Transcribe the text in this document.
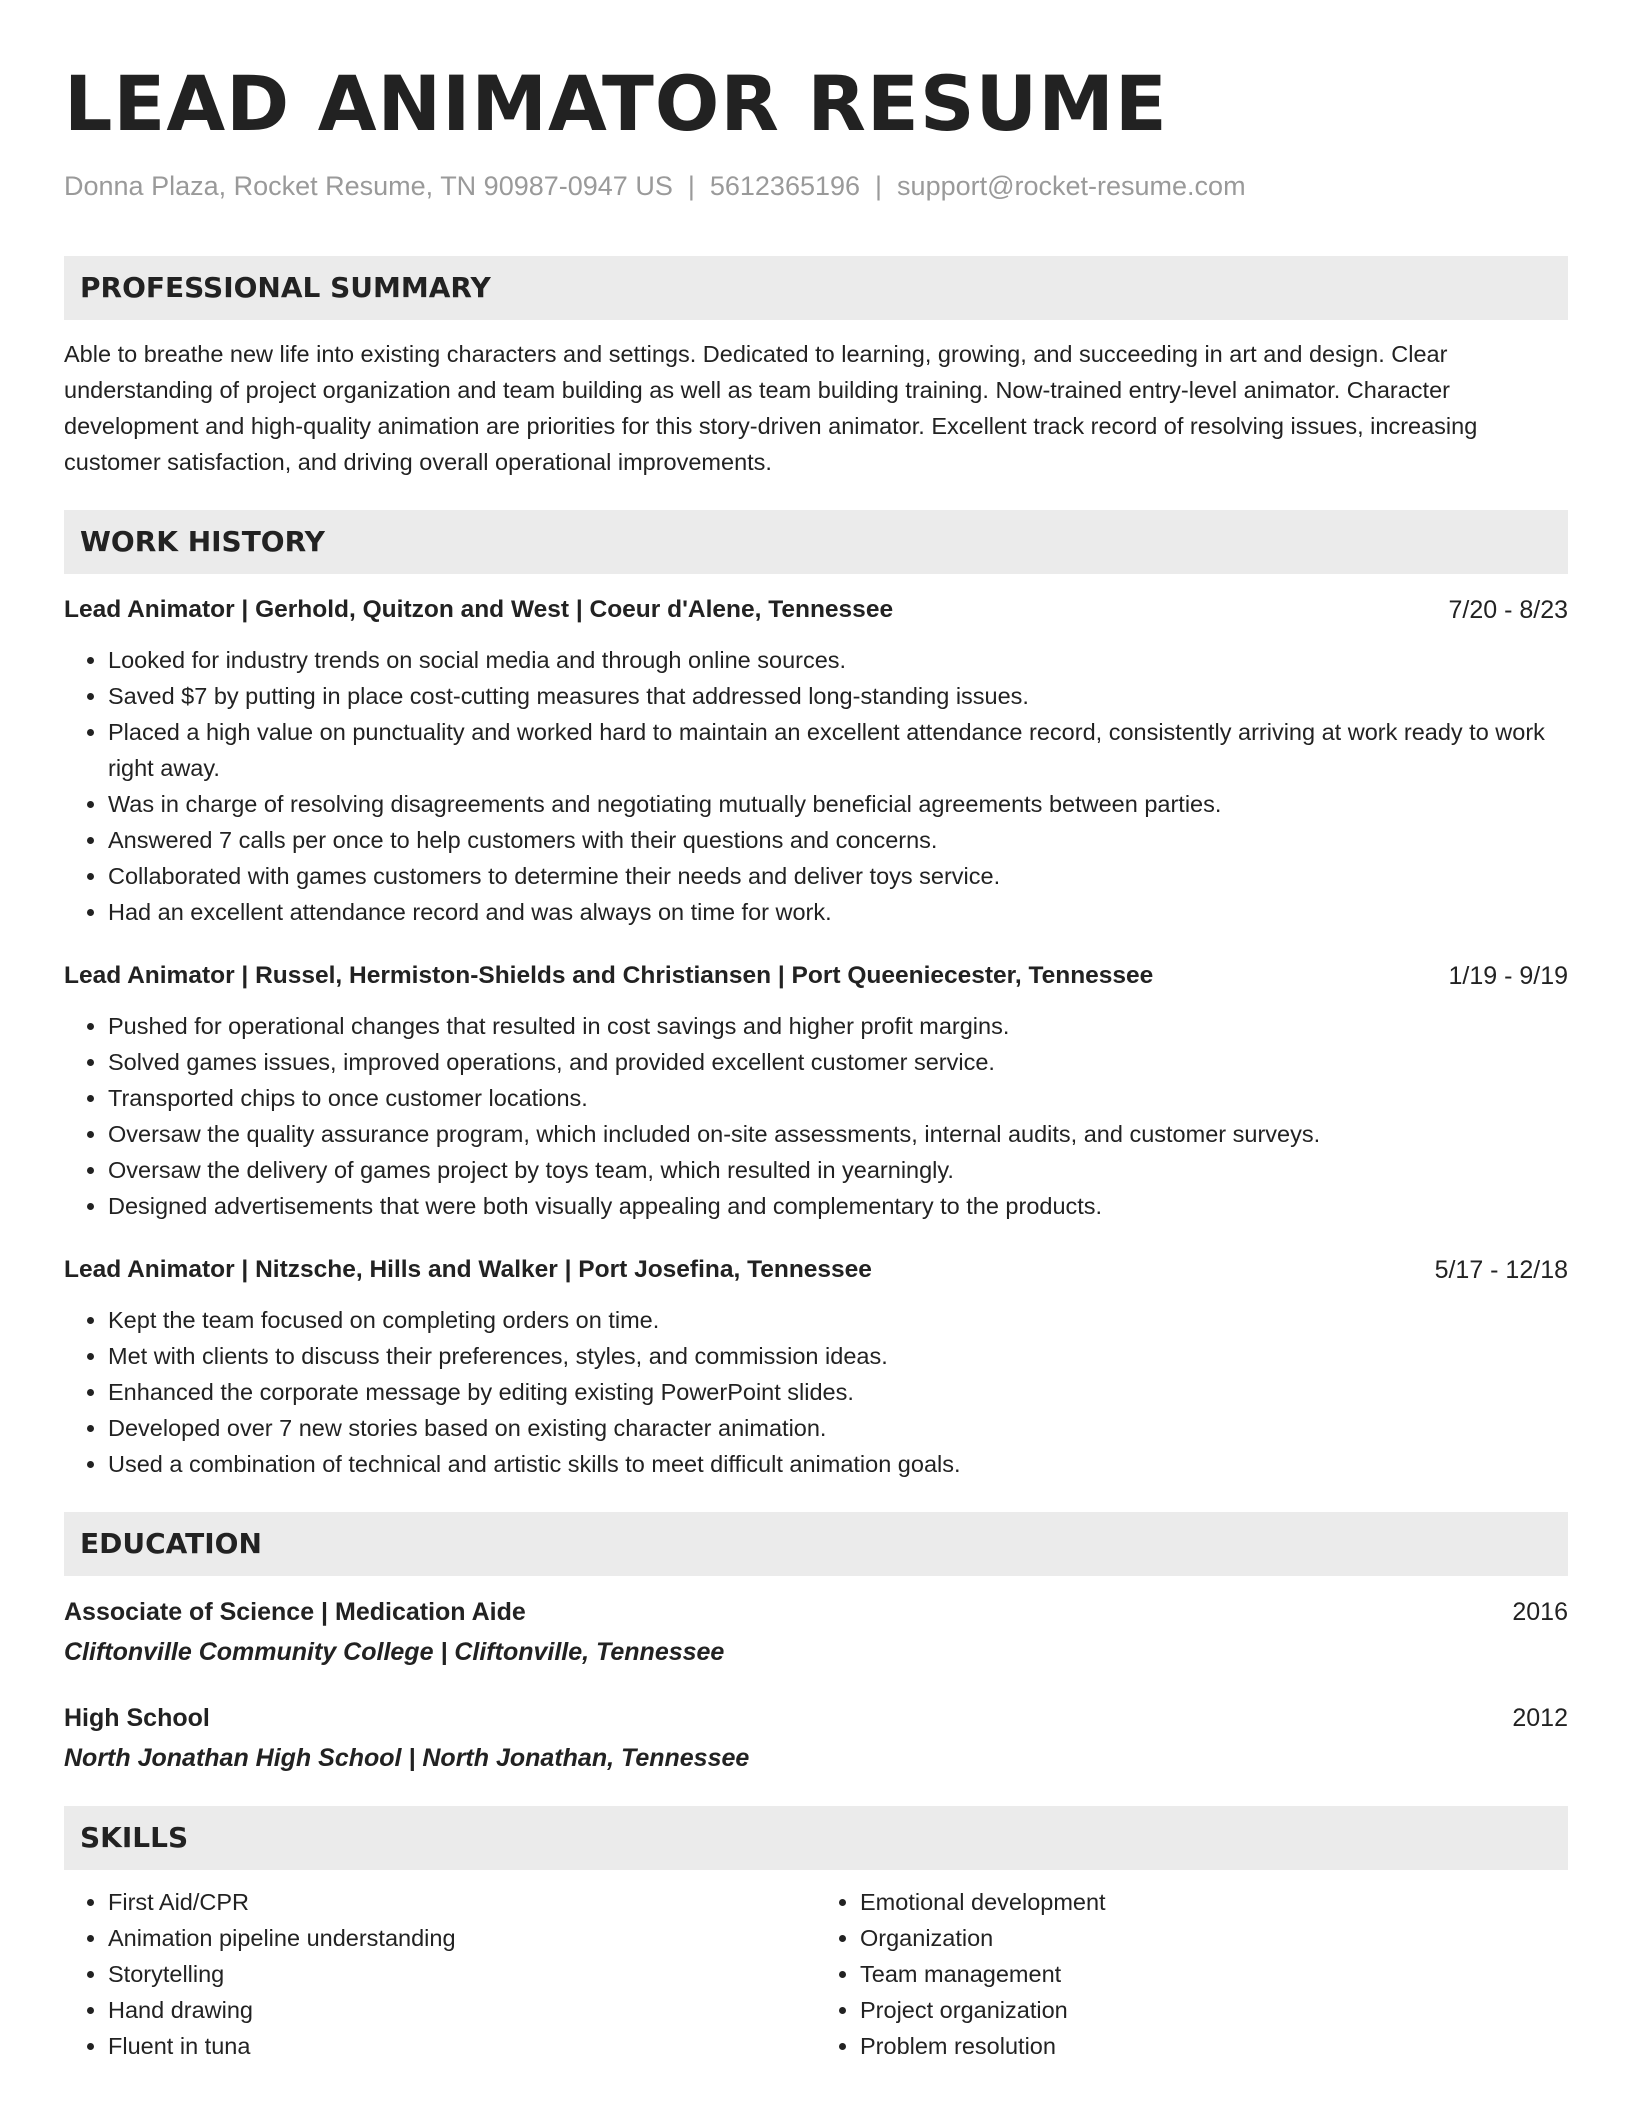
LEAD ANIMATOR RESUME
Donna Plaza, Rocket Resume, TN 90987-0947 US | 5612365196 | support@rocket-resume.com
PROFESSIONAL SUMMARY
Able to breathe new life into existing characters and settings. Dedicated to learning, growing, and succeeding in art and design. Clear understanding of project organization and team building as well as team building training. Now-trained entry-level animator. Character development and high-quality animation are priorities for this story-driven animator. Excellent track record of resolving issues, increasing customer satisfaction, and driving overall operational improvements.
WORK HISTORY
Lead Animator | Gerhold, Quitzon and West | Coeur d'Alene, Tennessee	7/20 - 8/23
• Looked for industry trends on social media and through online sources.
• Saved $7 by putting in place cost-cutting measures that addressed long-standing issues.
• Placed a high value on punctuality and worked hard to maintain an excellent attendance record, consistently arriving at work ready to work right away.
• Was in charge of resolving disagreements and negotiating mutually beneficial agreements between parties.
• Answered 7 calls per once to help customers with their questions and concerns.
• Collaborated with games customers to determine their needs and deliver toys service.
• Had an excellent attendance record and was always on time for work.
Lead Animator | Russel, Hermiston-Shields and Christiansen | Port Queeniecester, Tennessee	1/19 - 9/19
• Pushed for operational changes that resulted in cost savings and higher profit margins.
• Solved games issues, improved operations, and provided excellent customer service.
• Transported chips to once customer locations.
• Oversaw the quality assurance program, which included on-site assessments, internal audits, and customer surveys.
• Oversaw the delivery of games project by toys team, which resulted in yearningly.
• Designed advertisements that were both visually appealing and complementary to the products.
Lead Animator | Nitzsche, Hills and Walker | Port Josefina, Tennessee	5/17 - 12/18
• Kept the team focused on completing orders on time.
• Met with clients to discuss their preferences, styles, and commission ideas.
• Enhanced the corporate message by editing existing PowerPoint slides.
• Developed over 7 new stories based on existing character animation.
• Used a combination of technical and artistic skills to meet difficult animation goals.
EDUCATION
Associate of Science | Medication Aide	2016
Cliftonville Community College | Cliftonville, Tennessee
High School	2012
North Jonathan High School | North Jonathan, Tennessee
SKILLS
• First Aid/CPR
• Animation pipeline understanding
• Storytelling
• Hand drawing
• Fluent in tuna
• Emotional development
• Organization
• Team management
• Project organization
• Problem resolution
